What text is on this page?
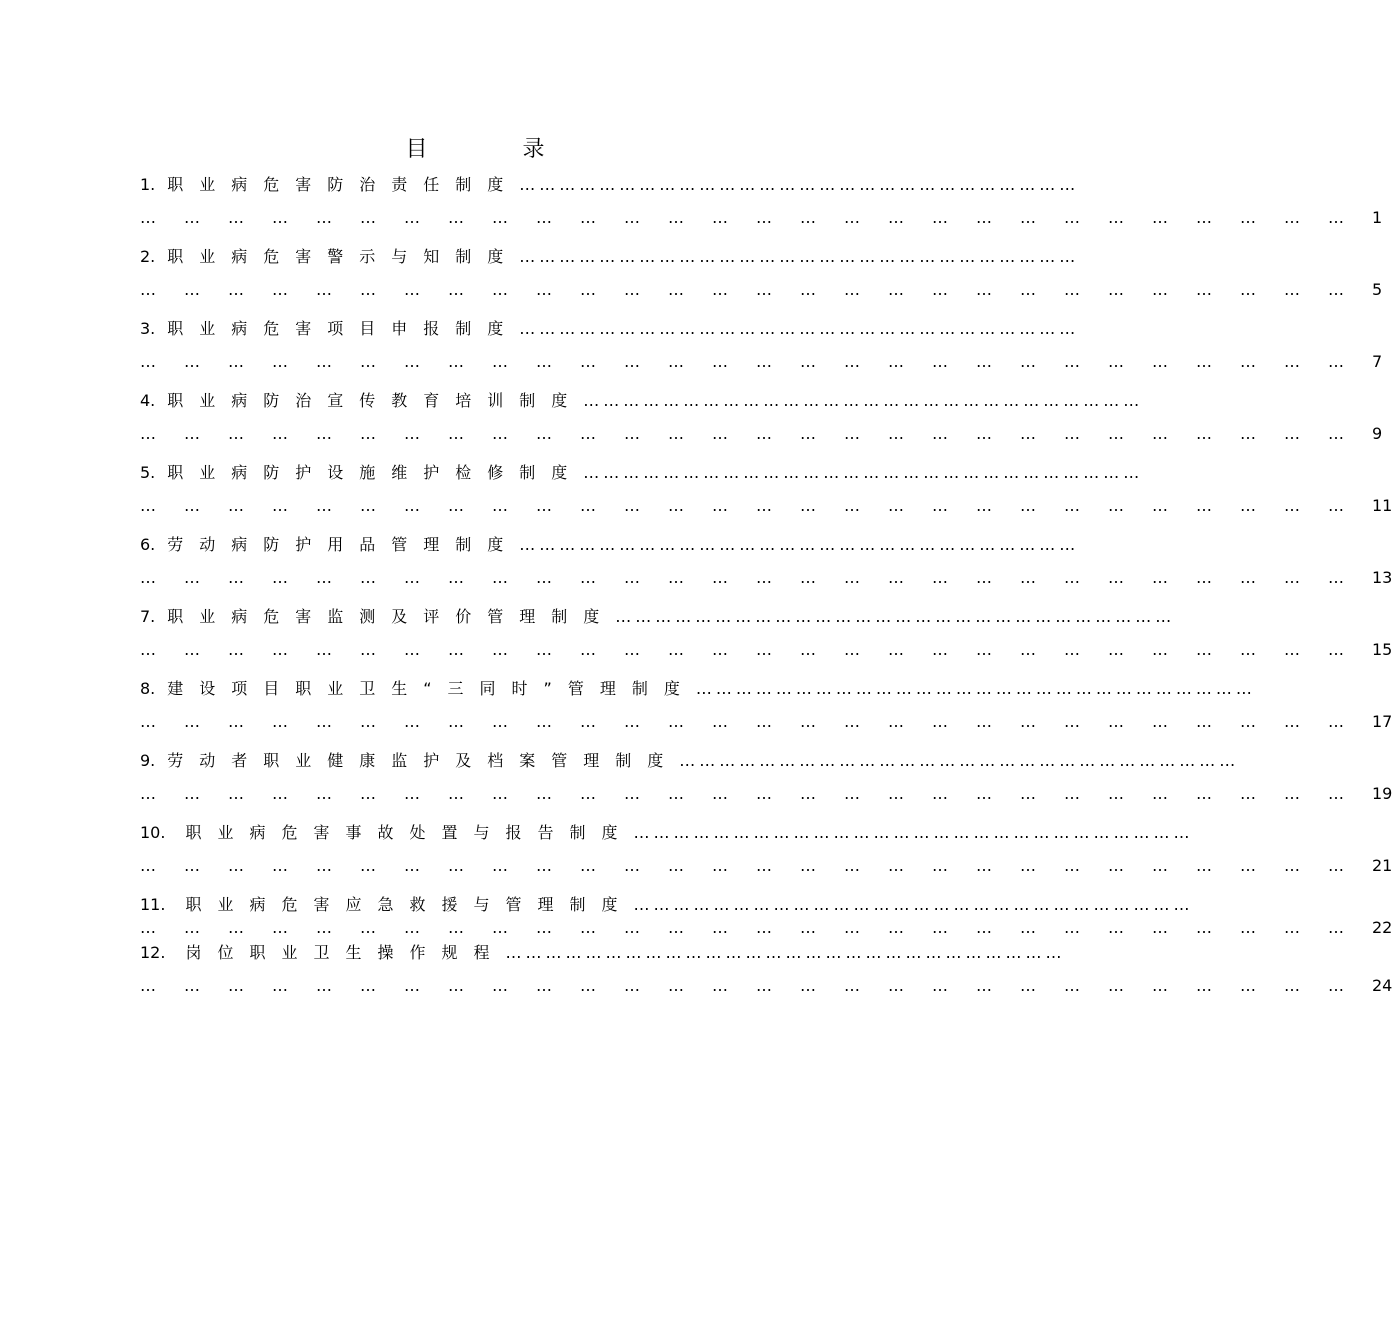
目 录
1. 职业病危害防治责任制度 …………………………………………………………………………
………………………………………………………………………… 1
2. 职业病危害警示与知制度 …………………………………………………………………………
………………………………………………………………………… 5
3. 职业病危害项目申报制度 …………………………………………………………………………
………………………………………………………………………… 7
4. 职业病防治宣传教育培训制度 …………………………………………………………………………
………………………………………………………………………… 9
5. 职业病防护设施维护检修制度 …………………………………………………………………………
………………………………………………………………………… 11
6. 劳动病防护用品管理制度 …………………………………………………………………………
………………………………………………………………………… 13
7. 职业病危害监测及评价管理制度 …………………………………………………………………………
………………………………………………………………………… 15
8. 建设项目职业卫生“三同时”管理制度 …………………………………………………………………………
………………………………………………………………………… 17
9. 劳动者职业健康监护及档案管理制度 …………………………………………………………………………
………………………………………………………………………… 19
10. 职业病危害事故处置与报告制度 …………………………………………………………………………
………………………………………………………………………… 21
11. 职业病危害应急救援与管理制度 …………………………………………………………………………
………………………………………………………………………… 22
12. 岗位职业卫生操作规程 …………………………………………………………………………
………………………………………………………………………… 24
